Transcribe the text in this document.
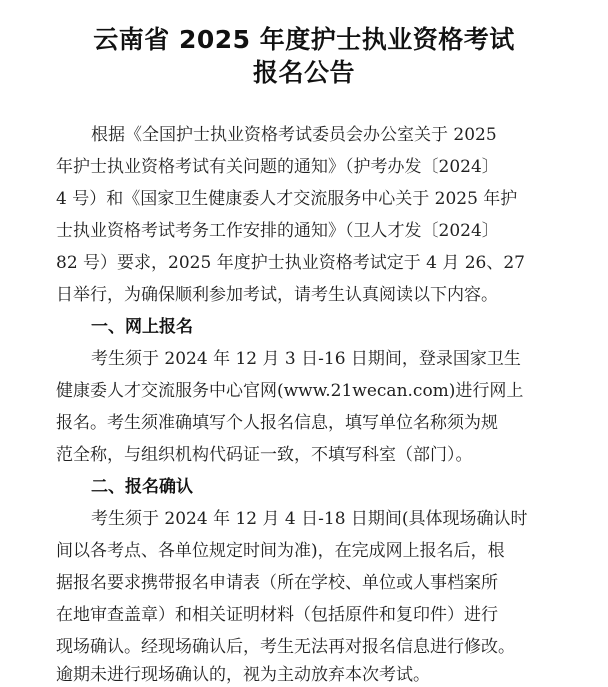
云南省 2025 年度护士执业资格考试
报名公告
根据《全国护士执业资格考试委员会办公室关于 2025
年护士执业资格考试有关问题的通知》（护考办发〔2024〕
4 号）和《国家卫生健康委人才交流服务中心关于 2025 年护
士执业资格考试考务工作安排的通知》（卫人才发〔2024〕
82 号）要求，2025 年度护士执业资格考试定于 4 月 26、27
日举行，为确保顺利参加考试，请考生认真阅读以下内容。
一、网上报名
考生须于 2024 年 12 月 3 日-16 日期间，登录国家卫生
健康委人才交流服务中心官网(www.21wecan.com)进行网上
报名。考生须准确填写个人报名信息，填写单位名称须为规
范全称，与组织机构代码证一致，不填写科室（部门）。
二、报名确认
考生须于 2024 年 12 月 4 日-18 日期间(具体现场确认时
间以各考点、各单位规定时间为准)，在完成网上报名后，根
据报名要求携带报名申请表（所在学校、单位或人事档案所
在地审查盖章）和相关证明材料（包括原件和复印件）进行
现场确认。经现场确认后，考生无法再对报名信息进行修改。
逾期未进行现场确认的，视为主动放弃本次考试。
